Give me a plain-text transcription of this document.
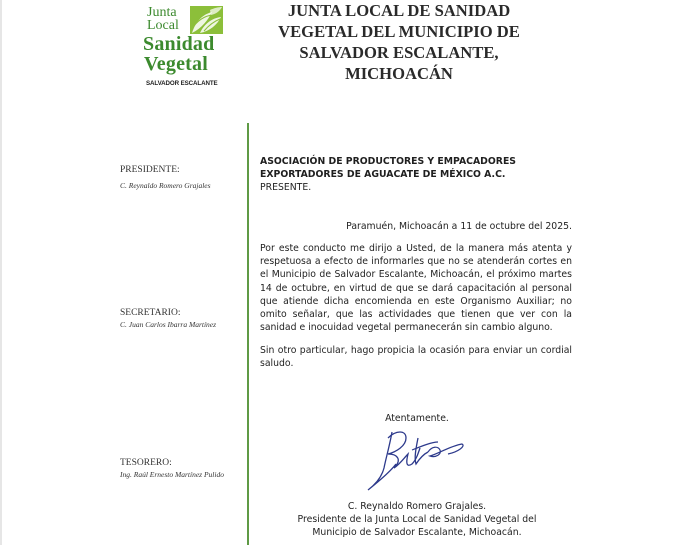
Junta
Local
Sanidad
Vegetal
SALVADOR ESCALANTE
JUNTA LOCAL DE SANIDAD
VEGETAL DEL MUNICIPIO DE
SALVADOR ESCALANTE,
MICHOACÁN
PRESIDENTE:
C. Reynaldo Romero Grajales
SECRETARIO:
C. Juan Carlos Ibarra Martínez
TESORERO:
Ing. Raúl Ernesto Martínez Pulido
ASOCIACIÓN DE PRODUCTORES Y EMPACADORES
EXPORTADORES DE AGUACATE DE MÉXICO A.C.
PRESENTE.
Paramuén, Michoacán a 11 de octubre del 2025.
Por este conducto me dirijo a Usted, de la manera más atenta y respetuosa a efecto de informarles que no se atenderán cortes en el Municipio de Salvador Escalante, Michoacán, el próximo martes 14 de octubre, en virtud de que se dará capacitación al personal que atiende dicha encomienda en este Organismo Auxiliar; no omito señalar, que las actividades que tienen que ver con la sanidad e inocuidad vegetal permanecerán sin cambio alguno.
Sin otro particular, hago propicia la ocasión para enviar un cordial saludo.
Atentamente.
C. Reynaldo Romero Grajales.
Presidente de la Junta Local de Sanidad Vegetal del
Municipio de Salvador Escalante, Michoacán.
